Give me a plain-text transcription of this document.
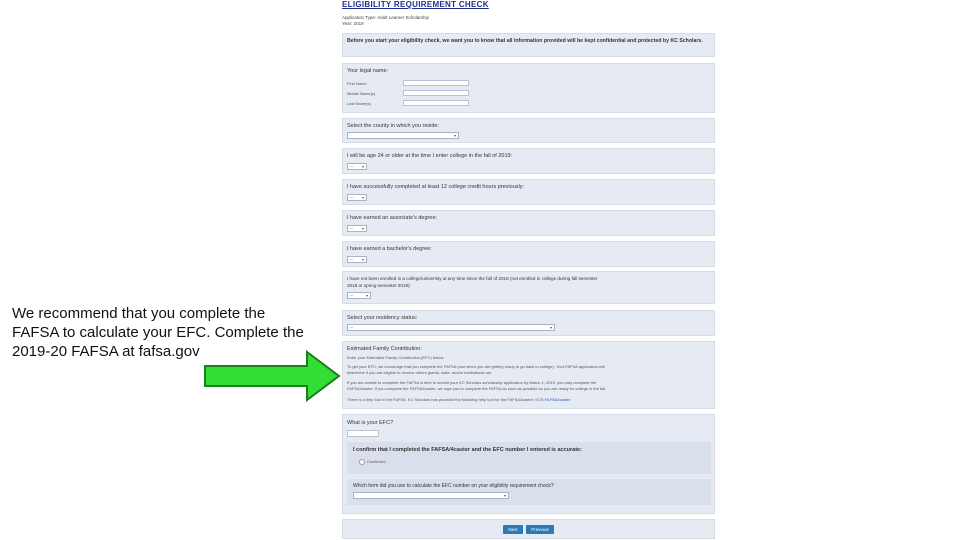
ELIGIBILITY REQUIREMENT CHECK
Application Type: Adult Learner Scholarship
Year: 2019
Before you start your eligibility check, we want you to know that all information provided will be kept confidential and protected by KC Scholars.
Your legal name:
First Name
Middle Name(s)
Last Name(s)
Select the county in which you reside:
▾
I will be age 24 or older at the time I enter college in the fall of 2019:
-- ▾
I have successfully completed at least 12 college credit hours previously:
-- ▾
I have earned an associate's degree:
-- ▾
I have earned a bachelor's degree:
-- ▾
I have not been enrolled in a college/university at any time since the fall of 2018 (not enrolled in college during fall semester
2018 or spring semester 2019):
--	▾
Select your residency status:
--	▾
Estimated Family Contribution:
Enter your Estimated Family Contribution (EFC) below.
To get your EFC, we encourage that you complete the FAFSA (one when you are getting ready to go back to college). Your FAFSA application will
determine if you are eligible to receive others grants, state, and/or institutional aid.
If you are unable to complete the FAFSA in time to submit your KC Scholars scholarship application by March 1, 2019, you may complete the
FAFSA4caster. If you complete the FAFSA4caster, we urge you to complete the FAFSA as soon as possible so you are ready for college in the fall.
There is a help tool in the FAFSA. KC Scholars has provided the following help tool for the FAFSA4caster: KCS FAFSA4caster
What is your EFC?
I confirm that I completed the FAFSA/4caster and the EFC number I entered is accurate:
Confirmed
Which form did you use to calculate the EFC number on your eligibility requirement check?
▾
Next	Previous
We recommend that you complete the FAFSA to calculate your EFC. Complete the 2019-20 FAFSA at fafsa.gov
